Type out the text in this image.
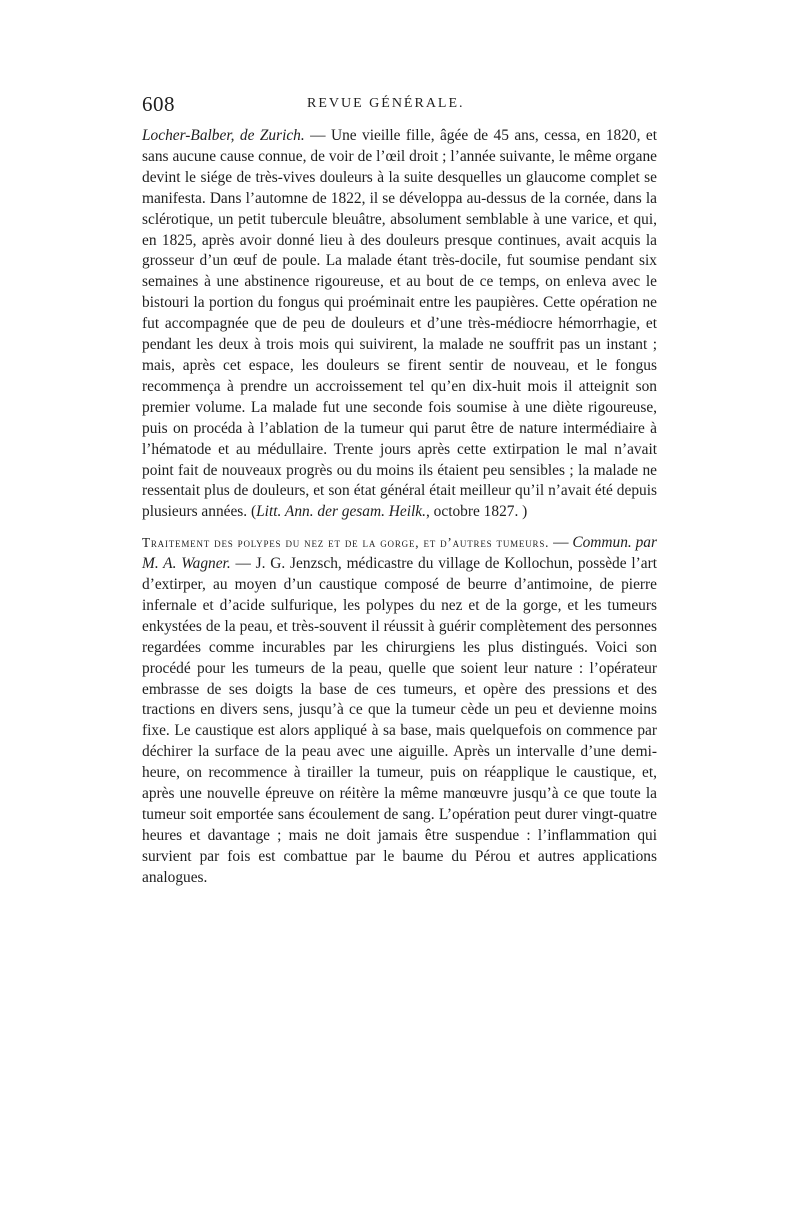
608	REVUE GÉNÉRALE.

Locher-Balber, de Zurich. — Une vieille fille, âgée de 45 ans, cessa, en 1820, et sans aucune cause connue, de voir de l’œil droit ; l’année suivante, le même organe devint le siége de très-vives douleurs à la suite desquelles un glaucome complet se manifesta. Dans l’automne de 1822, il se développa au-dessus de la cornée, dans la sclérotique, un petit tubercule bleuâtre, absolument semblable à une varice, et qui, en 1825, après avoir donné lieu à des douleurs presque continues, avait acquis la grosseur d’un œuf de poule. La malade étant très-docile, fut soumise pendant six semaines à une abstinence rigoureuse, et au bout de ce temps, on enleva avec le bistouri la portion du fongus qui proéminait entre les paupières. Cette opération ne fut accompagnée que de peu de douleurs et d’une très-médiocre hémorrhagie, et pendant les deux à trois mois qui suivirent, la malade ne souffrit pas un instant ; mais, après cet espace, les douleurs se firent sentir de nouveau, et le fongus recommença à prendre un accroissement tel qu’en dix-huit mois il atteignit son premier volume. La malade fut une seconde fois soumise à une diète rigoureuse, puis on procéda à l’ablation de la tumeur qui parut être de nature intermédiaire à l’hématode et au médullaire. Trente jours après cette extirpation le mal n’avait point fait de nouveaux progrès ou du moins ils étaient peu sensibles ; la malade ne ressentait plus de douleurs, et son état général était meilleur qu’il n’avait été depuis plusieurs années. (Litt. Ann. der gesam. Heilk., octobre 1827. )

Traitement des polypes du nez et de la gorge, et d’autres tumeurs. — Commun. par M. A. Wagner. — J. G. Jenzsch, médicastre du village de Kollochun, possède l’art d’extirper, au moyen d’un caustique composé de beurre d’antimoine, de pierre infernale et d’acide sulfurique, les polypes du nez et de la gorge, et les tumeurs enkystées de la peau, et très-souvent il réussit à guérir complètement des personnes regardées comme incurables par les chirurgiens les plus distingués. Voici son procédé pour les tumeurs de la peau, quelle que soient leur nature : l’opérateur embrasse de ses doigts la base de ces tumeurs, et opère des pressions et des tractions en divers sens, jusqu’à ce que la tumeur cède un peu et devienne moins fixe. Le caustique est alors appliqué à sa base, mais quelquefois on commence par déchirer la surface de la peau avec une aiguille. Après un intervalle d’une demi-heure, on recommence à tirailler la tumeur, puis on réapplique le caustique, et, après une nouvelle épreuve on réitère la même manœuvre jusqu’à ce que toute la tumeur soit emportée sans écoulement de sang. L’opération peut durer vingt-quatre heures et davantage ; mais ne doit jamais être suspendue : l’inflammation qui survient par fois est combattue par le baume du Pérou et autres applications analogues.
